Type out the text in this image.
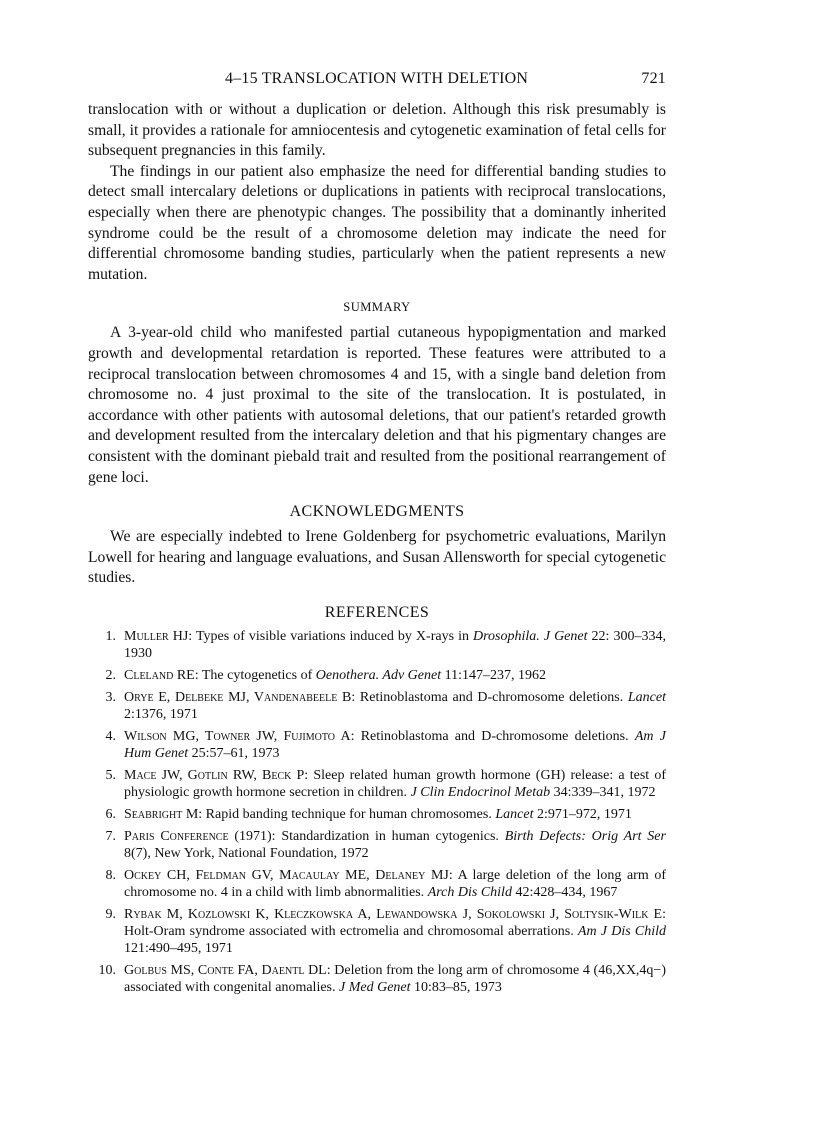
4–15 TRANSLOCATION WITH DELETION	721

translocation with or without a duplication or deletion. Although this risk presumably is small, it provides a rationale for amniocentesis and cytogenetic examination of fetal cells for subsequent pregnancies in this family.

The findings in our patient also emphasize the need for differential banding studies to detect small intercalary deletions or duplications in patients with reciprocal translocations, especially when there are phenotypic changes. The possibility that a dominantly inherited syndrome could be the result of a chromosome deletion may indicate the need for differential chromosome banding studies, particularly when the patient represents a new mutation.

SUMMARY

A 3-year-old child who manifested partial cutaneous hypopigmentation and marked growth and developmental retardation is reported. These features were attributed to a reciprocal translocation between chromosomes 4 and 15, with a single band deletion from chromosome no. 4 just proximal to the site of the translocation. It is postulated, in accordance with other patients with autosomal deletions, that our patient's retarded growth and development resulted from the intercalary deletion and that his pigmentary changes are consistent with the dominant piebald trait and resulted from the positional rearrangement of gene loci.

ACKNOWLEDGMENTS

We are especially indebted to Irene Goldenberg for psychometric evaluations, Marilyn Lowell for hearing and language evaluations, and Susan Allensworth for special cytogenetic studies.

REFERENCES
1. Muller HJ: Types of visible variations induced by X-rays in Drosophila. J Genet 22: 300–334, 1930
2. Cleland RE: The cytogenetics of Oenothera. Adv Genet 11:147–237, 1962
3. Orye E, Delbeke MJ, Vandenabeele B: Retinoblastoma and D-chromosome deletions. Lancet 2:1376, 1971
4. Wilson MG, Towner JW, Fujimoto A: Retinoblastoma and D-chromosome deletions. Am J Hum Genet 25:57–61, 1973
5. Mace JW, Gotlin RW, Beck P: Sleep related human growth hormone (GH) release: a test of physiologic growth hormone secretion in children. J Clin Endocrinol Metab 34:339–341, 1972
6. Seabright M: Rapid banding technique for human chromosomes. Lancet 2:971–972, 1971
7. Paris Conference (1971): Standardization in human cytogenics. Birth Defects: Orig Art Ser 8(7), New York, National Foundation, 1972
8. Ockey CH, Feldman GV, Macaulay ME, Delaney MJ: A large deletion of the long arm of chromosome no. 4 in a child with limb abnormalities. Arch Dis Child 42:428–434, 1967
9. Rybak M, Kozlowski K, Kleczkowska A, Lewandowska J, Sokolowski J, Soltysik-Wilk E: Holt-Oram syndrome associated with ectromelia and chromosomal aberrations. Am J Dis Child 121:490–495, 1971
10. Golbus MS, Conte FA, Daentl DL: Deletion from the long arm of chromosome 4 (46,XX,4q−) associated with congenital anomalies. J Med Genet 10:83–85, 1973
